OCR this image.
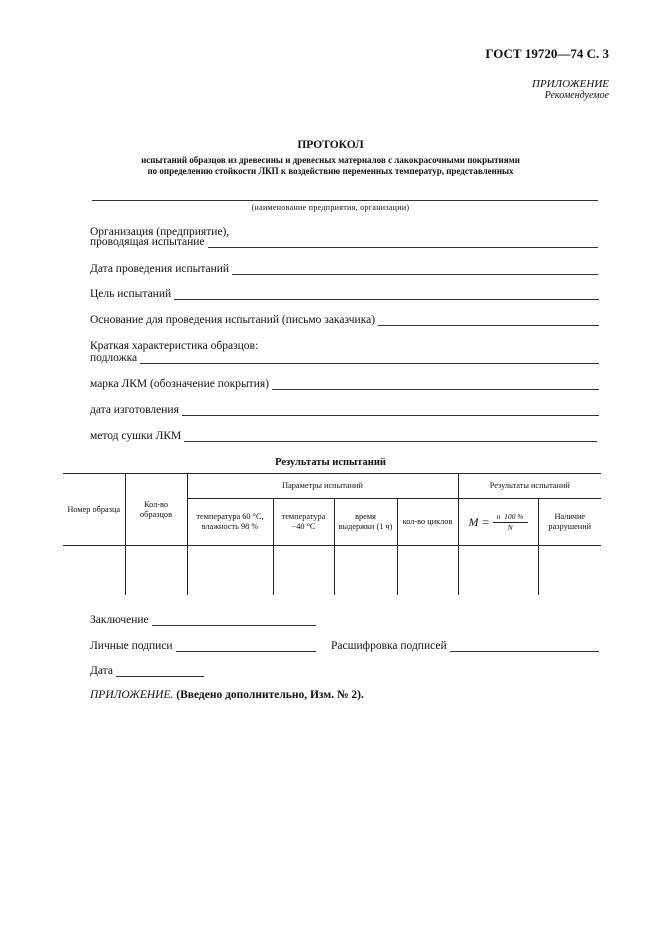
ГОСТ 19720—74 С. 3
ПРИЛОЖЕНИЕ
Рекомендуемое
ПРОТОКОЛ
испытаний образцов из древесины и древесных материалов с лакокрасочными покрытиями
по определению стойкости ЛКП к воздействию переменных температур, представленных
(наименование предприятия, организации)
Организация (предприятие),
проводящая испытание
Дата проведения испытаний
Цель испытаний
Основание для проведения испытаний (письмо заказчика)
Краткая характеристика образцов:
подложка
марка ЛКМ (обозначение покрытия)
дата изготовления
метод сушки ЛКМ
Результаты испытаний
Номер образца	Кол-во образцов	Параметры испытаний				Результаты испытаний	
		температура 60 °С, влажность 98 %	температура −40 °С	время выдержки (1 ч)	кол-во циклов	$M = \frac{n 100 \%}{N}$	Наличие разрушений

Заключение
Личные подписи	Расшифровка подписей
Дата
ПРИЛОЖЕНИЕ. (Введено дополнительно, Изм. № 2).
